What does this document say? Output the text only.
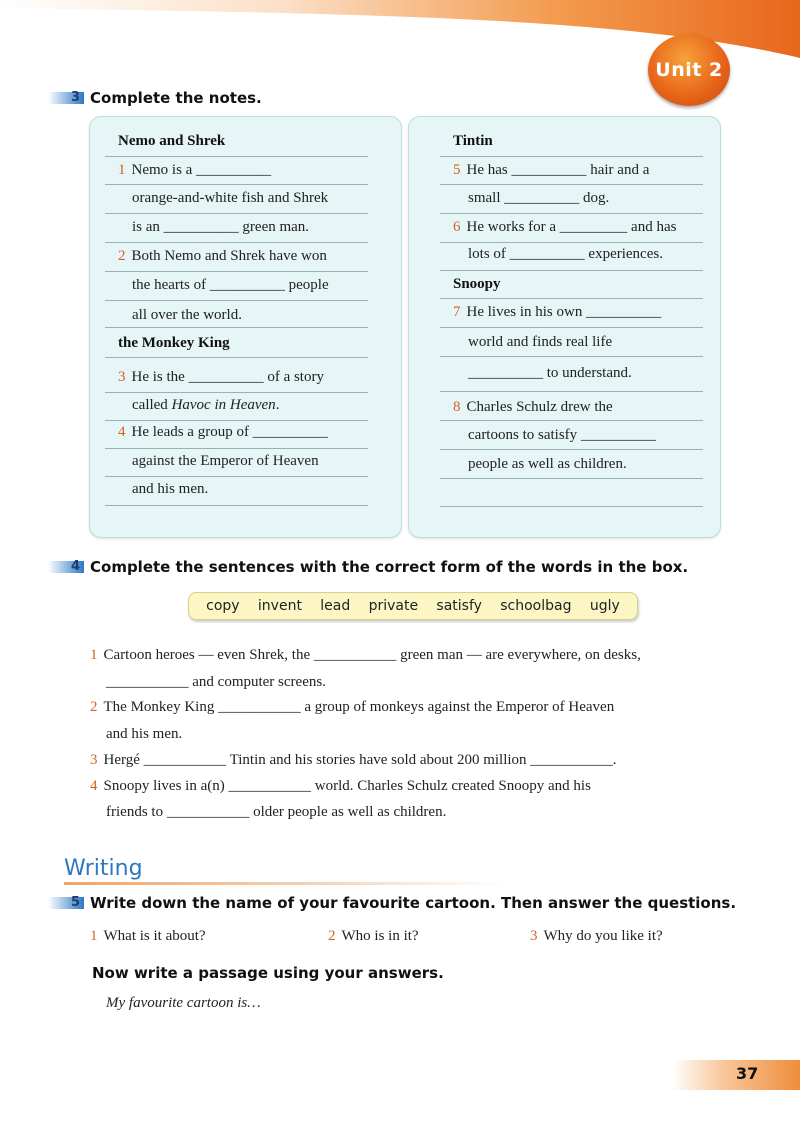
Unit 2
3 Complete the notes.
Nemo and Shrek
1 Nemo is a __________
orange-and-white fish and Shrek
is an __________ green man.
2 Both Nemo and Shrek have won
the hearts of __________ people
all over the world.
the Monkey King
3 He is the __________ of a story
called Havoc in Heaven.
4 He leads a group of __________
against the Emperor of Heaven
and his men.
Tintin
5 He has __________ hair and a
small __________ dog.
6 He works for a _________ and has
lots of __________ experiences.
Snoopy
7 He lives in his own __________
world and finds real life
__________ to understand.
8 Charles Schulz drew the
cartoons to satisfy __________
people as well as children.
4 Complete the sentences with the correct form of the words in the box.
copy invent lead private satisfy schoolbag ugly
1 Cartoon heroes — even Shrek, the ___________ green man — are everywhere, on desks,
___________ and computer screens.
2 The Monkey King ___________ a group of monkeys against the Emperor of Heaven
and his men.
3 Hergé ___________ Tintin and his stories have sold about 200 million ___________.
4 Snoopy lives in a(n) ___________ world. Charles Schulz created Snoopy and his
friends to ___________ older people as well as children.
Writing
5 Write down the name of your favourite cartoon. Then answer the questions.
1 What is it about?	2 Who is in it?	3 Why do you like it?
Now write a passage using your answers.
My favourite cartoon is…
37
